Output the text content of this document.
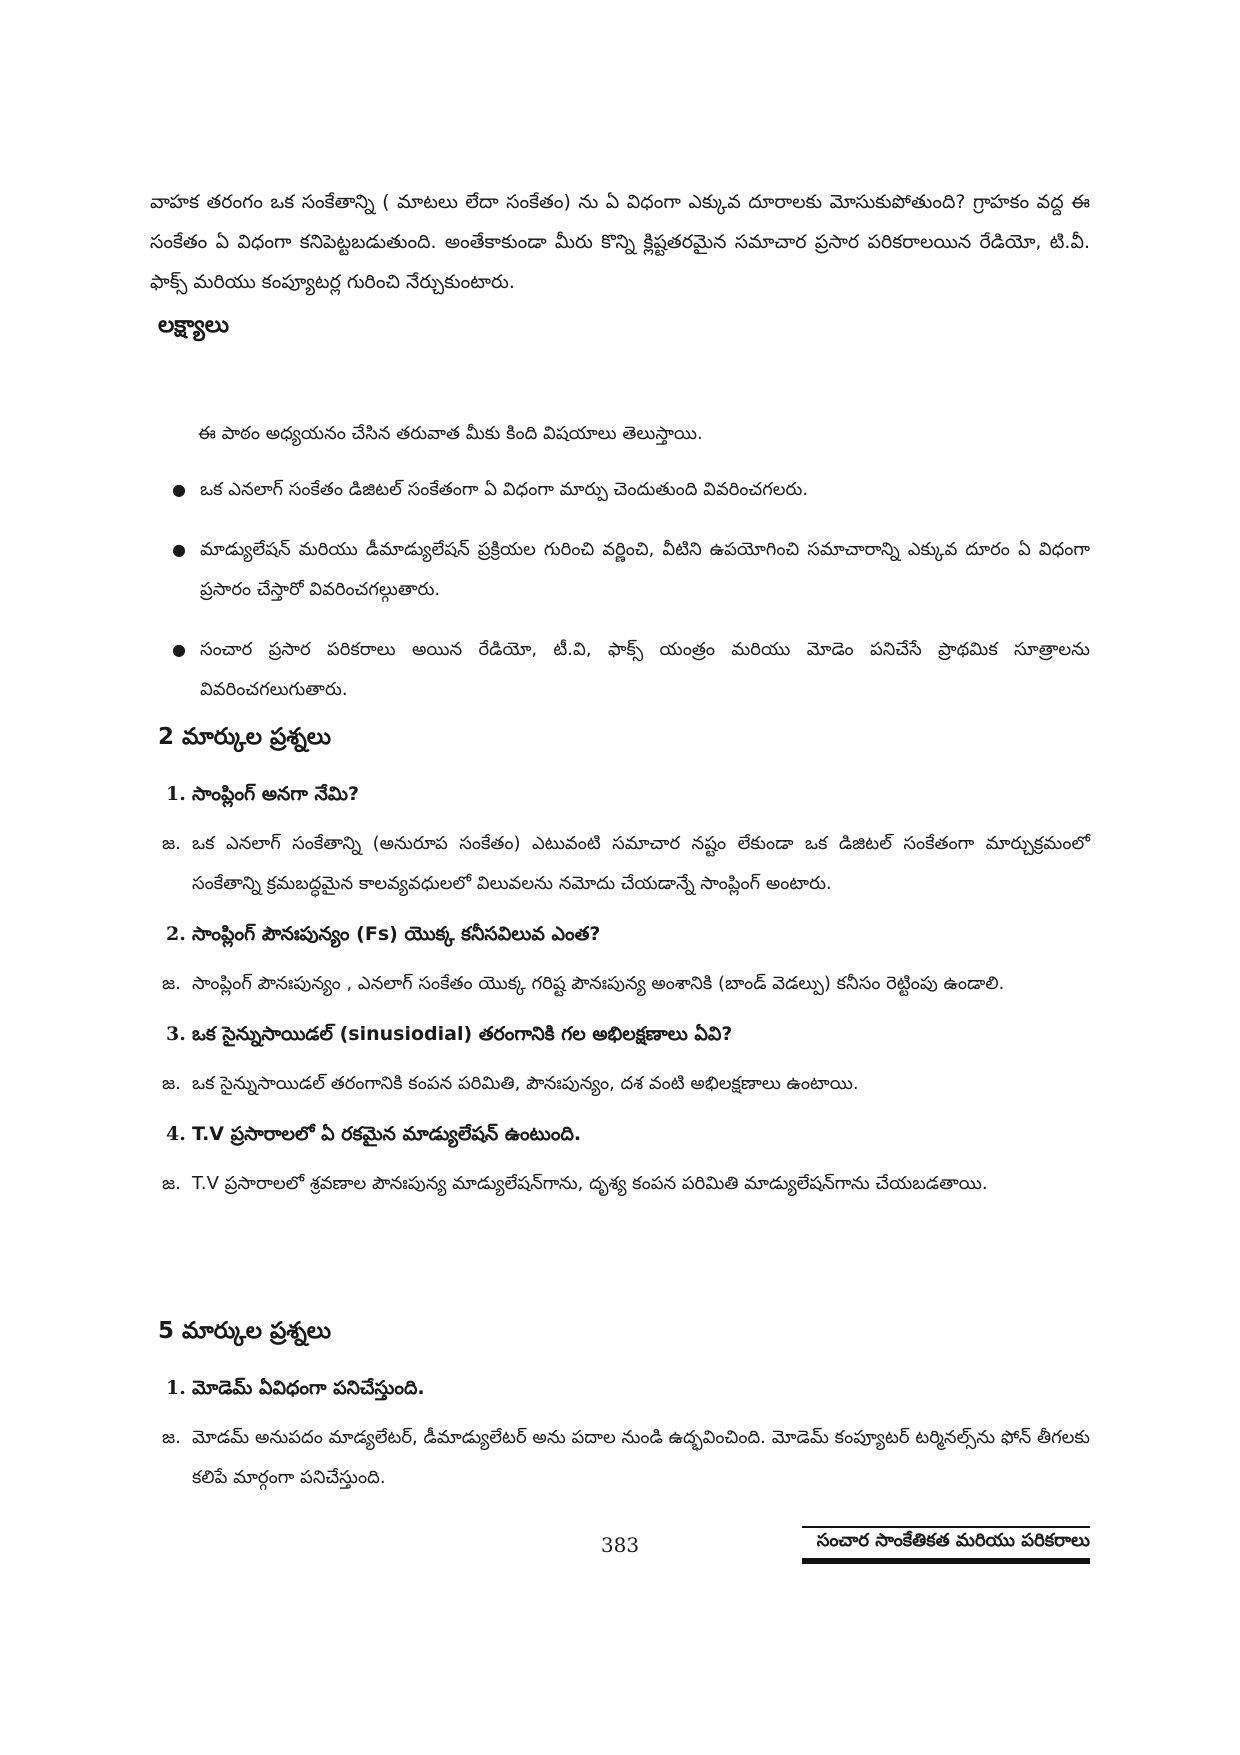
వాహక తరంగం ఒక సంకేతాన్ని ( మాటలు లేదా సంకేతం) ను ఏ విధంగా ఎక్కువ దూరాలకు మోసుకుపోతుంది? గ్రాహకం వద్ద ఈ సంకేతం ఏ విధంగా కనిపెట్టబడుతుంది. అంతేకాకుండా మీరు కొన్ని క్లిష్టతరమైన సమాచార ప్రసార పరికరాలయిన రేడియో, టి.వీ. ఫాక్స్ మరియు కంప్యూటర్ల గురించి నేర్చుకుంటారు.

లక్ష్యాలు

ఈ పాఠం అధ్యయనం చేసిన తరువాత మీకు కింది విషయాలు తెలుస్తాయి.

● ఒక ఎనలాగ్ సంకేతం డిజిటల్ సంకేతంగా ఏ విధంగా మార్పు చెందుతుంది వివరించగలరు.
● మాడ్యులేషన్ మరియు డీమాడ్యులేషన్ ప్రక్రియల గురించి వర్ణించి, వీటిని ఉపయోగించి సమాచారాన్ని ఎక్కువ దూరం ఏ విధంగా ప్రసారం చేస్తారో వివరించగల్గుతారు.
● సంచార ప్రసార పరికరాలు అయిన రేడియో, టీ.వి, ఫాక్స్ యంత్రం మరియు మోడెం పనిచేసే ప్రాథమిక సూత్రాలను వివరించగలుగుతారు.
2 మార్కుల ప్రశ్నలు
1. సాంప్లింగ్ అనగా నేమి?
జ. ఒక ఎనలాగ్ సంకేతాన్ని (అనురూప సంకేతం) ఎటువంటి సమాచార నష్టం లేకుండా ఒక డిజిటల్ సంకేతంగా మార్చుక్రమంలో సంకేతాన్ని క్రమబద్ధమైన కాలవ్యవధులలో విలువలను నమోదు చేయడాన్నే సాంప్లింగ్ అంటారు.
2. సాంప్లింగ్ పౌనఃపున్యం (Fs) యొక్క కనీసవిలువ ఎంత?
జ. సాంప్లింగ్ పౌనఃపున్యం , ఎనలాగ్ సంకేతం యొక్క గరిష్ట పౌనఃపున్య అంశానికి (బాండ్ వెడల్పు) కనీసం రెట్టింపు ఉండాలి.
3. ఒక సైన్నుసాయిడల్ (sinusiodial) తరంగానికి గల అభిలక్షణాలు ఏవి?
జ. ఒక సైన్నుసాయిడల్ తరంగానికి కంపన పరిమితి, పౌనఃపున్యం, దశ వంటి అభిలక్షణాలు ఉంటాయి.
4. T.V ప్రసారాలలో ఏ రకమైన మాడ్యులేషన్ ఉంటుంది.
జ. T.V ప్రసారాలలో శ్రవణాల పౌనఃపున్య మాడ్యులేషన్‌గాను, దృశ్య కంపన పరిమితి మాడ్యులేషన్‌గాను చేయబడతాయి.
5 మార్కుల ప్రశ్నలు
1. మోడెమ్ ఏవిధంగా పనిచేస్తుంది.
జ. మోడమ్ అనుపదం మాడ్యలేటర్, డీమాడ్యులేటర్ అను పదాల నుండి ఉద్భవించింది. మోడెమ్ కంప్యూటర్ టర్మినల్స్‌ను ఫోన్ తీగలకు కలిపే మార్గంగా పనిచేస్తుంది.
383	సంచార సాంకేతికత మరియు పరికరాలు
